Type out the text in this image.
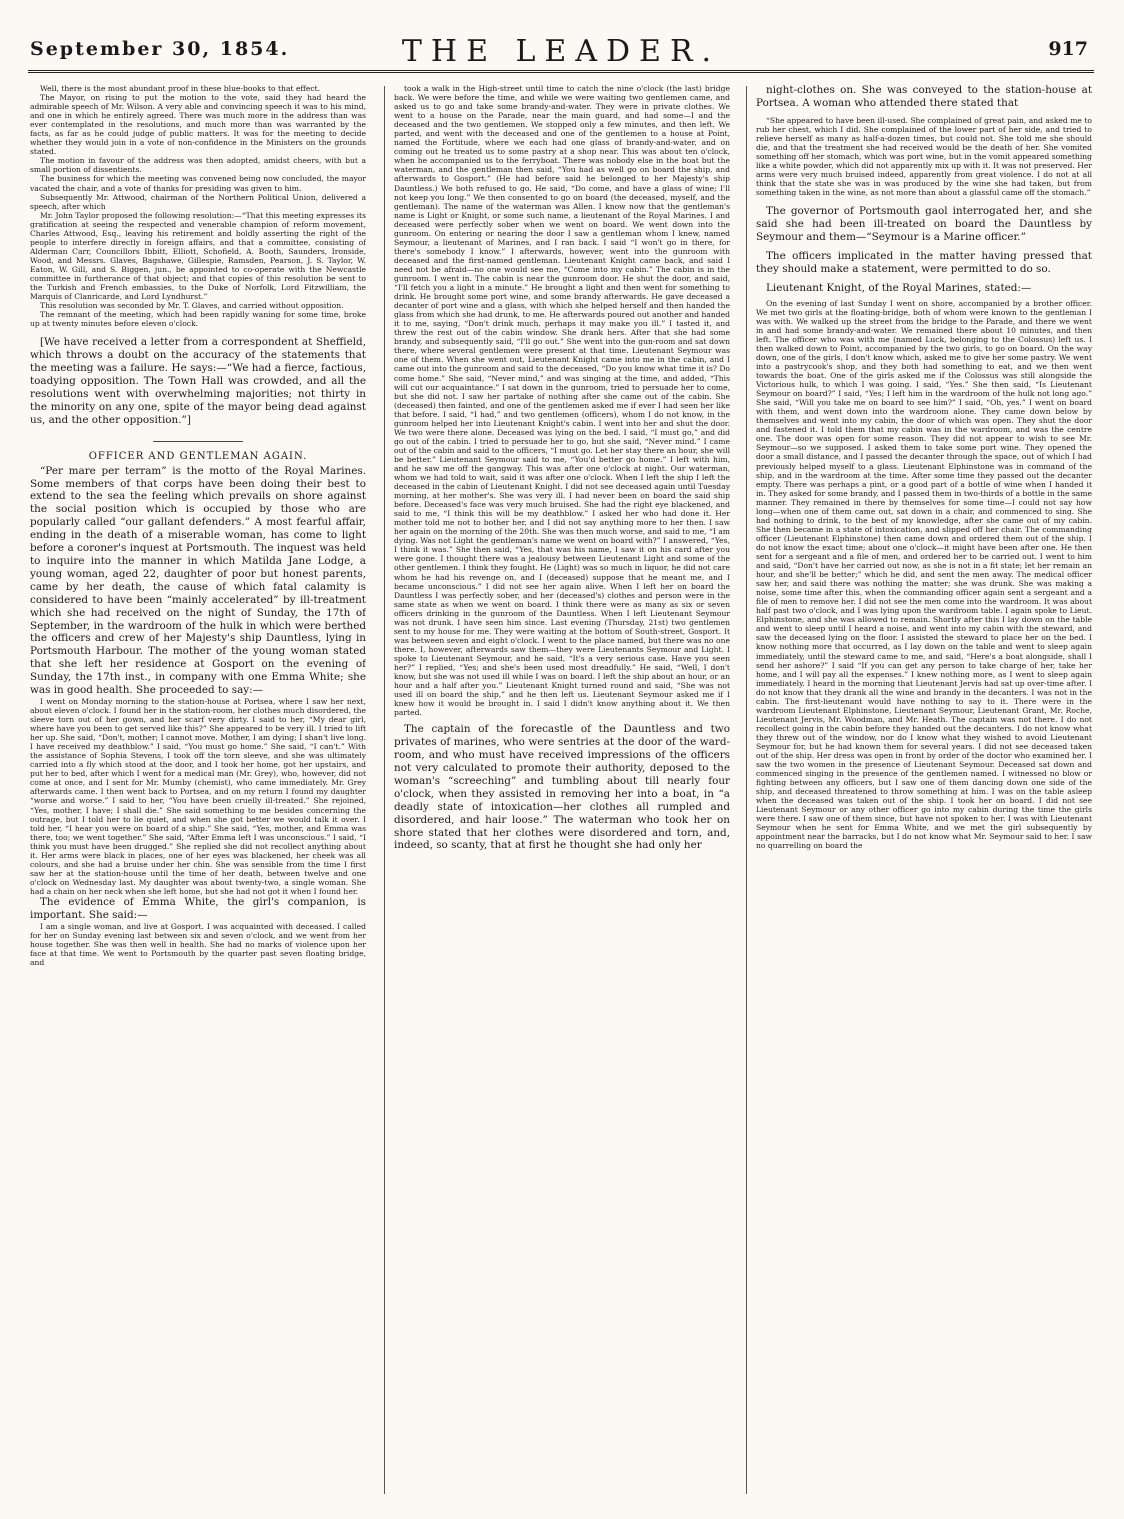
September 30, 1854.	THE LEADER.	917

Well, there is the most abundant proof in these blue-books to that effect.

The Mayor, on rising to put the motion to the vote, said they had heard the admirable speech of Mr. Wilson. A very able and convincing speech it was to his mind, and one in which he entirely agreed. There was much more in the address than was ever contemplated in the resolutions, and much more than was warranted by the facts, as far as he could judge of public matters. It was for the meeting to decide whether they would join in a vote of non-confidence in the Ministers on the grounds stated.

The motion in favour of the address was then adopted, amidst cheers, with but a small portion of dissentients.

The business for which the meeting was convened being now concluded, the mayor vacated the chair, and a vote of thanks for presiding was given to him.

Subsequently Mr. Attwood, chairman of the Northern Political Union, delivered a speech, after which

Mr. John Taylor proposed the following resolution:—“That this meeting expresses its gratification at seeing the respected and venerable champion of reform movement, Charles Attwood, Esq., leaving his retirement and boldly asserting the right of the people to interfere directly in foreign affairs, and that a committee, consisting of Alderman Carr, Councillors Ibbitt, Elliott, Schofield, A. Booth, Saunders, Ironside, Wood, and Messrs. Glaves, Bagshawe, Gillespie, Ramsden, Pearson, J. S. Taylor, W. Eaton, W. Gill, and S. Biggen, jun., be appointed to co-operate with the Newcastle committee in furtherance of that object; and that copies of this resolution be sent to the Turkish and French embassies, to the Duke of Norfolk, Lord Fitzwilliam, the Marquis of Clanricarde, and Lord Lyndhurst.”

This resolution was seconded by Mr. T. Glaves, and carried without opposition.

The remnant of the meeting, which had been rapidly waning for some time, broke up at twenty minutes before eleven o'clock.

[We have received a letter from a correspondent at Sheffield, which throws a doubt on the accuracy of the statements that the meeting was a failure. He says:—“We had a fierce, factious, toadying opposition. The Town Hall was crowded, and all the resolutions went with overwhelming majorities; not thirty in the minority on any one, spite of the mayor being dead against us, and the other opposition.”]

OFFICER AND GENTLEMAN AGAIN.

“Per mare per terram” is the motto of the Royal Marines. Some members of that corps have been doing their best to extend to the sea the feeling which prevails on shore against the social position which is occupied by those who are popularly called “our gallant defenders.” A most fearful affair, ending in the death of a miserable woman, has come to light before a coroner's inquest at Portsmouth. The inquest was held to inquire into the manner in which Matilda Jane Lodge, a young woman, aged 22, daughter of poor but honest parents, came by her death, the cause of which fatal calamity is considered to have been “mainly accelerated” by ill-treatment which she had received on the night of Sunday, the 17th of September, in the wardroom of the hulk in which were berthed the officers and crew of her Majesty's ship Dauntless, lying in Portsmouth Harbour. The mother of the young woman stated that she left her residence at Gosport on the evening of Sunday, the 17th inst., in company with one Emma White; she was in good health. She proceeded to say:—

I went on Monday morning to the station-house at Portsea, where I saw her next, about eleven o'clock. I found her in the station-room, her clothes much disordered, the sleeve torn out of her gown, and her scarf very dirty. I said to her, “My dear girl, where have you been to get served like this?” She appeared to be very ill. I tried to lift her up. She said, “Don't, mother; I cannot move. Mother, I am dying; I shan't live long. I have received my deathblow.” I said, “You must go home.” She said, “I can't.” With the assistance of Sophia Stevens, I took off the torn sleeve, and she was ultimately carried into a fly which stood at the door, and I took her home, got her upstairs, and put her to bed, after which I went for a medical man (Mr. Grey), who, however, did not come at once, and I sent for Mr. Mumby (chemist), who came immediately. Mr. Grey afterwards came. I then went back to Portsea, and on my return I found my daughter “worse and worse.” I said to her, “You have been cruelly ill-treated.” She rejoined, “Yes, mother, I have; I shall die.” She said something to me besides concerning the outrage, but I told her to lie quiet, and when she got better we would talk it over. I told her, “I hear you were on board of a ship.” She said, “Yes, mother, and Emma was there, too; we went together.” She said, “After Emma left I was unconscious.” I said, “I think you must have been drugged.” She replied she did not recollect anything about it. Her arms were black in places, one of her eyes was blackened, her cheek was all colours, and she had a bruise under her chin. She was sensible from the time I first saw her at the station-house until the time of her death, between twelve and one o'clock on Wednesday last. My daughter was about twenty-two, a single woman. She had a chain on her neck when she left home, but she had not got it when I found her.

The evidence of Emma White, the girl's companion, is important. She said:—

I am a single woman, and live at Gosport. I was acquainted with deceased. I called for her on Sunday evening last between six and seven o'clock, and we went from her house together. She was then well in health. She had no marks of violence upon her face at that time. We went to Portsmouth by the quarter past seven floating bridge, and

took a walk in the High-street until time to catch the nine o'clock (the last) bridge back. We were before the time, and while we were waiting two gentlemen came, and asked us to go and take some brandy-and-water. They were in private clothes. We went to a house on the Parade, near the main guard, and had some—I and the deceased and the two gentlemen. We stopped only a few minutes, and then left. We parted, and went with the deceased and one of the gentlemen to a house at Point, named the Fortitude, where we each had one glass of brandy-and-water, and on coming out he treated us to some pastry at a shop near. This was about ten o'clock, when he accompanied us to the ferryboat. There was nobody else in the boat but the waterman, and the gentleman then said, “You had as well go on board the ship, and afterwards to Gosport.” (He had before said he belonged to her Majesty's ship Dauntless.) We both refused to go. He said, “Do come, and have a glass of wine; I'll not keep you long.” We then consented to go on board (the deceased, myself, and the gentleman). The name of the waterman was Allen. I know now that the gentleman's name is Light or Knight, or some such name, a lieutenant of the Royal Marines. I and deceased were perfectly sober when we went on board. We went down into the gunroom. On entering or nearing the door I saw a gentleman whom I knew, named Seymour, a lieutenant of Marines, and I ran back. I said “I won't go in there, for there's somebody I know.” I afterwards, however, went into the gunroom with deceased and the first-named gentleman. Lieutenant Knight came back, and said I need not be afraid—no one would see me, “Come into my cabin.” The cabin is in the gunroom. I went in. The cabin is near the gunroom door. He shut the door, and said, “I'll fetch you a light in a minute.” He brought a light and then went for something to drink. He brought some port wine, and some brandy afterwards. He gave deceased a decanter of port wine and a glass, with which she helped herself and then handed the glass from which she had drunk, to me. He afterwards poured out another and handed it to me, saying, “Don't drink much, perhaps it may make you ill.” I tasted it, and threw the rest out of the cabin window. She drank hers. After that she had some brandy, and subsequently said, “I'll go out.” She went into the gun-room and sat down there, where several gentlemen were present at that time. Lieutenant Seymour was one of them. When she went out, Lieutenant Knight came into me in the cabin, and I came out into the gunroom and said to the deceased, “Do you know what time it is? Do come home.” She said, “Never mind,” and was singing at the time, and added, “This will cut our acquaintance.” I sat down in the gunroom, tried to persuade her to come, but she did not. I saw her partake of nothing after she came out of the cabin. She (deceased) then fainted, and one of the gentlemen asked me if ever I had seen her like that before. I said, “I had,” and two gentlemen (officers), whom I do not know, in the gunroom helped her into Lieutenant Knight's cabin. I went into her and shut the door. We two were there alone. Deceased was lying on the bed. I said, “I must go,” and did go out of the cabin. I tried to persuade her to go, but she said, “Never mind.” I came out of the cabin and said to the officers, “I must go. Let her stay there an hour, she will be better.” Lieutenant Seymour said to me, “You'd better go home.” I left with him, and he saw me off the gangway. This was after one o'clock at night. Our waterman, whom we had told to wait, said it was after one o'clock. When I left the ship I left the deceased in the cabin of Lieutenant Knight. I did not see deceased again until Tuesday morning, at her mother's. She was very ill. I had never been on board the said ship before. Deceased's face was very much bruised. She had the right eye blackened, and said to me, “I think this will be my deathblow.” I asked her who had done it. Her mother told me not to bother her, and I did not say anything more to her then. I saw her again on the morning of the 20th. She was then much worse, and said to me, “I am dying. Was not Light the gentleman's name we went on board with?” I answered, “Yes, I think it was.” She then said, “Yes, that was his name, I saw it on his card after you were gone. I thought there was a jealousy between Lieutenant Light and some of the other gentlemen. I think they fought. He (Light) was so much in liquor, he did not care whom he had his revenge on, and I (deceased) suppose that he meant me, and I became unconscious.” I did not see her again alive. When I left her on board the Dauntless I was perfectly sober, and her (deceased's) clothes and person were in the same state as when we went on board. I think there were as many as six or seven officers drinking in the gunroom of the Dauntless. When I left Lieutenant Seymour was not drunk. I have seen him since. Last evening (Thursday, 21st) two gentlemen sent to my house for me. They were waiting at the bottom of South-street, Gosport. It was between seven and eight o'clock. I went to the place named, but there was no one there. I, however, afterwards saw them—they were Lieutenants Seymour and Light. I spoke to Lieutenant Seymour, and he said, “It's a very serious case. Have you seen her?” I replied, “Yes; and she's been used most dreadfully.” He said, “Well, I don't know, but she was not used ill while I was on board. I left the ship about an hour, or an hour and a half after you.” Lieutenant Knight turned round and said, “She was not used ill on board the ship,” and he then left us. Lieutenant Seymour asked me if I knew how it would be brought in. I said I didn't know anything about it. We then parted.

The captain of the forecastle of the Dauntless and two privates of marines, who were sentries at the door of the ward-room, and who must have received impressions of the officers not very calculated to promote their authority, deposed to the woman's “screeching” and tumbling about till nearly four o'clock, when they assisted in removing her into a boat, in “a deadly state of intoxication—her clothes all rumpled and disordered, and hair loose.” The waterman who took her on shore stated that her clothes were disordered and torn, and, indeed, so scanty, that at first he thought she had only her

night-clothes on. She was conveyed to the station-house at Portsea. A woman who attended there stated that

“She appeared to have been ill-used. She complained of great pain, and asked me to rub her chest, which I did. She complained of the lower part of her side, and tried to relieve herself as many as half-a-dozen times, but could not. She told me she should die, and that the treatment she had received would be the death of her. She vomited something off her stomach, which was port wine, but in the vomit appeared something like a white powder, which did not apparently mix up with it. It was not preserved. Her arms were very much bruised indeed, apparently from great violence. I do not at all think that the state she was in was produced by the wine she had taken, but from something taken in the wine, as not more than about a glassful came off the stomach.”

The governor of Portsmouth gaol interrogated her, and she said she had been ill-treated on board the Dauntless by Seymour and them—“Seymour is a Marine officer.”

The officers implicated in the matter having pressed that they should make a statement, were permitted to do so.

Lieutenant Knight, of the Royal Marines, stated:—

On the evening of last Sunday I went on shore, accompanied by a brother officer. We met two girls at the floating-bridge, both of whom were known to the gentleman I was with. We walked up the street from the bridge to the Parade, and there we went in and had some brandy-and-water. We remained there about 10 minutes, and then left. The officer who was with me (named Luck, belonging to the Colossus) left us. I then walked down to Point, accompanied by the two girls, to go on board. On the way down, one of the girls, I don't know which, asked me to give her some pastry. We went into a pastrycook's shop, and they both had something to eat, and we then went towards the boat. One of the girls asked me if the Colossus was still alongside the Victorious hulk, to which I was going. I said, “Yes.” She then said, “Is Lieutenant Seymour on board?” I said, “Yes; I left him in the wardroom of the hulk not long ago.” She said, “Will you take me on board to see him?” I said, “Oh, yes.” I went on board with them, and went down into the wardroom alone. They came down below by themselves and went into my cabin, the door of which was open. They shut the door and fastened it. I told them that my cabin was in the wardroom, and was the centre one. The door was open for some reason. They did not appear to wish to see Mr. Seymour—so we supposed. I asked them to take some port wine. They opened the door a small distance, and I passed the decanter through the space, out of which I had previously helped myself to a glass. Lieutenant Elphinstone was in command of the ship, and in the wardroom at the time. After some time they passed out the decanter empty. There was perhaps a pint, or a good part of a bottle of wine when I handed it in. They asked for some brandy, and I passed them in two-thirds of a bottle in the same manner. They remained in there by themselves for some time—I could not say how long—when one of them came out, sat down in a chair, and commenced to sing. She had nothing to drink, to the best of my knowledge, after she came out of my cabin. She then became in a state of intoxication, and slipped off her chair. The commanding officer (Lieutenant Elphinstone) then came down and ordered them out of the ship. I do not know the exact time; about one o'clock—it might have been after one. He then sent for a sergeant and a file of men, and ordered her to be carried out. I went to him and said, “Don't have her carried out now, as she is not in a fit state; let her remain an hour, and she'll be better;” which he did, and sent the men away. The medical officer saw her, and said there was nothing the matter; she was drunk. She was making a noise, some time after this, when the commanding officer again sent a sergeant and a file of men to remove her. I did not see the men come into the wardroom. It was about half past two o'clock, and I was lying upon the wardroom table. I again spoke to Lieut. Elphinstone, and she was allowed to remain. Shortly after this I lay down on the table and went to sleep until I heard a noise, and went into my cabin with the steward, and saw the deceased lying on the floor. I assisted the steward to place her on the bed. I know nothing more that occurred, as I lay down on the table and went to sleep again immediately, until the steward came to me, and said, “Here's a boat alongside, shall I send her ashore?” I said “If you can get any person to take charge of her, take her home, and I will pay all the expenses.” I knew nothing more, as I went to sleep again immediately. I heard in the morning that Lieutenant Jervis had sat up over-time after. I do not know that they drank all the wine and brandy in the decanters. I was not in the cabin. The first-lieutenant would have nothing to say to it. There were in the wardroom Lieutenant Elphinstone, Lieutenant Seymour, Lieutenant Grant, Mr. Roche, Lieutenant Jervis, Mr. Woodman, and Mr. Heath. The captain was not there. I do not recollect going in the cabin before they handed out the decanters. I do not know what they threw out of the window, nor do I know what they wished to avoid Lieutenant Seymour for, but he had known them for several years. I did not see deceased taken out of the ship. Her dress was open in front by order of the doctor who examined her. I saw the two women in the presence of Lieutenant Seymour. Deceased sat down and commenced singing in the presence of the gentlemen named. I witnessed no blow or fighting between any officers, but I saw one of them dancing down one side of the ship, and deceased threatened to throw something at him. I was on the table asleep when the deceased was taken out of the ship. I took her on board. I did not see Lieutenant Seymour or any other officer go into my cabin during the time the girls were there. I saw one of them since, but have not spoken to her. I was with Lieutenant Seymour when he sent for Emma White, and we met the girl subsequently by appointment near the barracks, but I do not know what Mr. Seymour said to her. I saw no quarrelling on board the
